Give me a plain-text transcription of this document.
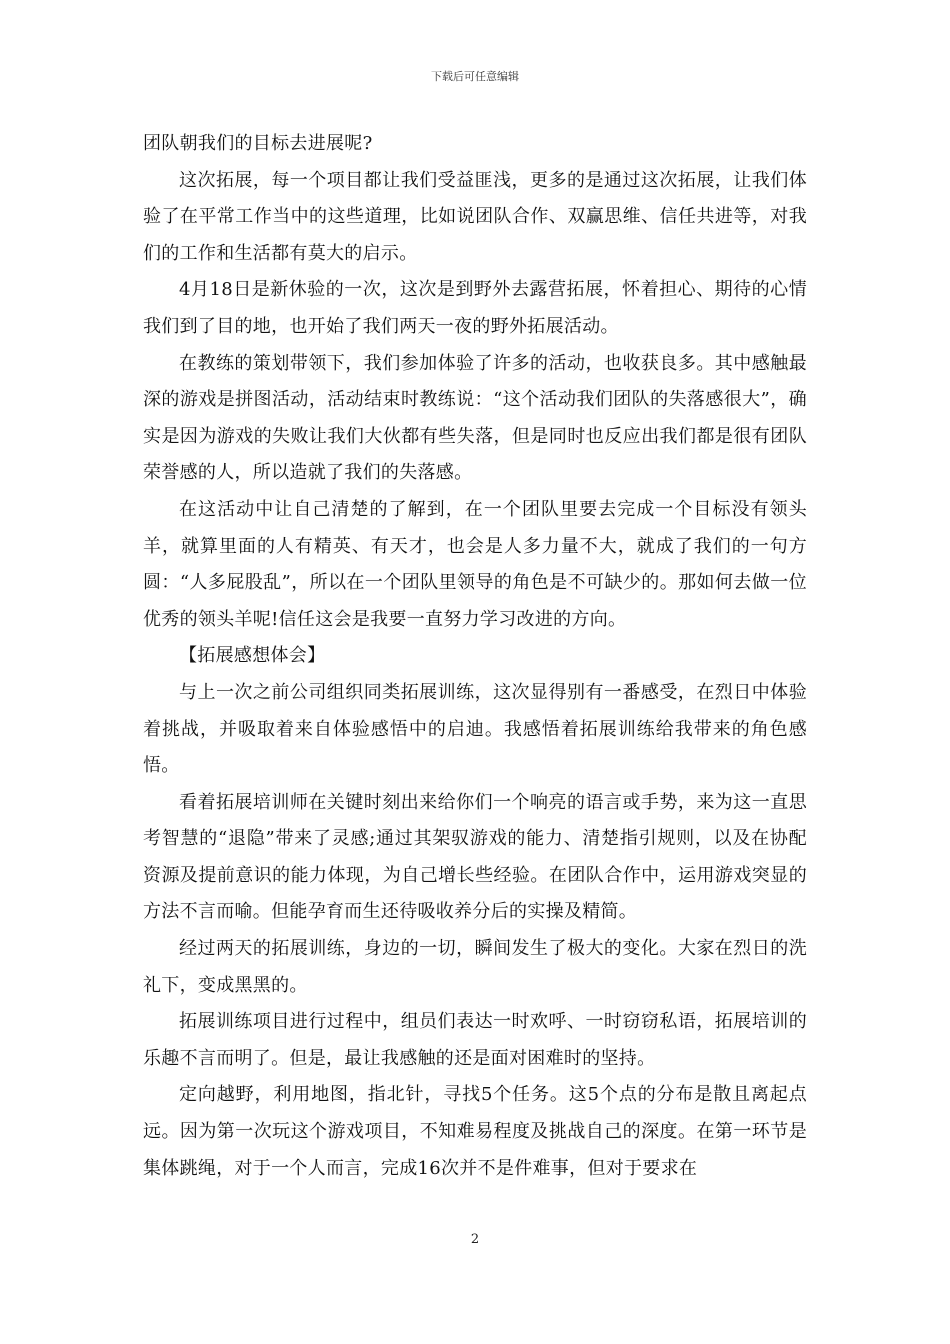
下载后可任意编辑

团队朝我们的目标去进展呢?

这次拓展，每一个项目都让我们受益匪浅，更多的是通过这次拓展，让我们体验了在平常工作当中的这些道理，比如说团队合作、双赢思维、信任共进等，对我们的工作和生活都有莫大的启示。

4月18日是新休验的一次，这次是到野外去露营拓展，怀着担心、期待的心情我们到了目的地，也开始了我们两天一夜的野外拓展活动。

在教练的策划带领下，我们参加体验了许多的活动，也收获良多。其中感触最深的游戏是拼图活动，活动结束时教练说：“这个活动我们团队的失落感很大”，确实是因为游戏的失败让我们大伙都有些失落，但是同时也反应出我们都是很有团队荣誉感的人，所以造就了我们的失落感。

在这活动中让自己清楚的了解到，在一个团队里要去完成一个目标没有领头羊，就算里面的人有精英、有天才，也会是人多力量不大，就成了我们的一句方圆：“人多屁股乱”，所以在一个团队里领导的角色是不可缺少的。那如何去做一位优秀的领头羊呢!信任这会是我要一直努力学习改进的方向。

【拓展感想体会】

与上一次之前公司组织同类拓展训练，这次显得别有一番感受，在烈日中体验着挑战，并吸取着来自体验感悟中的启迪。我感悟着拓展训练给我带来的角色感悟。

看着拓展培训师在关键时刻出来给你们一个响亮的语言或手势，来为这一直思考智慧的“退隐”带来了灵感;通过其架驭游戏的能力、清楚指引规则，以及在协配资源及提前意识的能力体现，为自己增长些经验。在团队合作中，运用游戏突显的方法不言而喻。但能孕育而生还待吸收养分后的实操及精简。

经过两天的拓展训练，身边的一切，瞬间发生了极大的变化。大家在烈日的洗礼下，变成黑黑的。

拓展训练项目进行过程中，组员们表达一时欢呼、一时窃窃私语，拓展培训的乐趣不言而明了。但是，最让我感触的还是面对困难时的坚持。

定向越野，利用地图，指北针，寻找5个任务。这5个点的分布是散且离起点远。因为第一次玩这个游戏项目，不知难易程度及挑战自己的深度。在第一环节是集体跳绳，对于一个人而言，完成16次并不是件难事，但对于要求在

2
